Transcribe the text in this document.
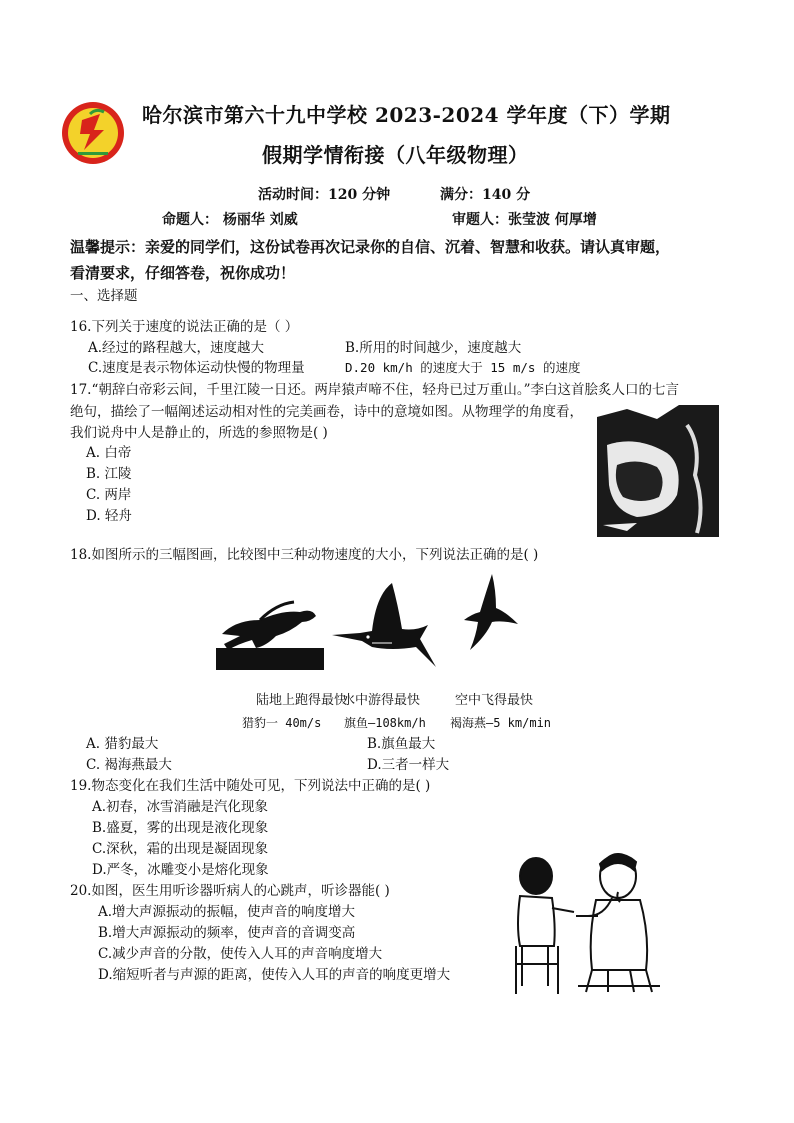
哈尔滨市第六十九中学校 2023-2024 学年度（下）学期
假期学情衔接（八年级物理）
活动时间：120 分钟	满分：140 分
命题人： 杨丽华 刘威	审题人：张莹波 何厚增
温馨提示：亲爱的同学们，这份试卷再次记录你的自信、沉着、智慧和收获。请认真审题，
看清要求，仔细答卷，祝你成功！
一、选择题
16.下列关于速度的说法正确的是（ ）
A.经过的路程越大，速度越大	B.所用的时间越少，速度越大
C.速度是表示物体运动快慢的物理量	D.20 km/h 的速度大于 15 m/s 的速度
17.“朝辞白帝彩云间，千里江陵一日还。两岸猿声啼不住，轻舟已过万重山。”李白这首脍炙人口的七言
绝句，描绘了一幅阐述运动相对性的完美画卷，诗中的意境如图。从物理学的角度看，
我们说舟中人是静止的，所选的参照物是( )
A. 白帝
B. 江陵
C. 两岸
D. 轻舟
18.如图所示的三幅图画，比较图中三种动物速度的大小，下列说法正确的是( )
陆地上跑得最快
水中游得最快	空中飞得最快
猎豹一 40m/s 旗鱼—108km/h 褐海燕—5 km/min
A. 猎豹最大	B.旗鱼最大
C. 褐海燕最大	D.三者一样大
19.物态变化在我们生活中随处可见，下列说法中正确的是( )
A.初春，冰雪消融是汽化现象
B.盛夏，雾的出现是液化现象
C.深秋，霜的出现是凝固现象
D.严冬，冰雕变小是熔化现象
20.如图，医生用听诊器听病人的心跳声，听诊器能( )
A.增大声源振动的振幅，使声音的响度增大
B.增大声源振动的频率，使声音的音调变高
C.减少声音的分散，使传入人耳的声音响度增大
D.缩短听者与声源的距离，使传入人耳的声音的响度更增大
